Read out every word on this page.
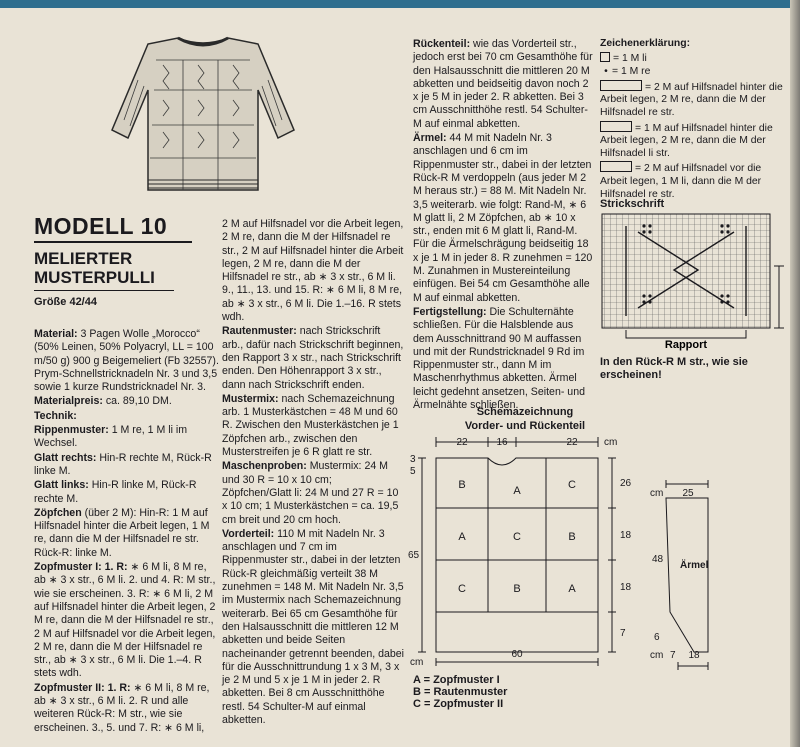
MODELL 10
MELIERTER
MUSTERPULLI
Größe 42/44

Material: 3 Pagen Wolle „Morocco“ (50% Leinen, 50% Polyacryl, LL = 100 m/50 g) 900 g Beigemeliert (Fb 32557). Prym-Schnellstricknadeln Nr. 3 und 3,5 sowie 1 kurze Rundstricknadel Nr. 3.

Materialpreis: ca. 89,10 DM.

Technik:

Rippenmuster: 1 M re, 1 M li im Wechsel.

Glatt rechts: Hin-R rechte M, Rück-R linke M.

Glatt links: Hin-R linke M, Rück-R rechte M.

Zöpfchen (über 2 M): Hin-R: 1 M auf Hilfsnadel hinter die Arbeit legen, 1 M re, dann die M der Hilfsnadel re str. Rück-R: linke M.

Zopfmuster I: 1. R: ∗ 6 M li, 8 M re, ab ∗ 3 x str., 6 M li. 2. und 4. R: M str., wie sie erscheinen. 3. R: ∗ 6 M li, 2 M auf Hilfsnadel hinter die Arbeit legen, 2 M re, dann die M der Hilfsnadel re str., 2 M auf Hilfsnadel vor die Arbeit legen, 2 M re, dann die M der Hilfsnadel re str., ab ∗ 3 x str., 6 M li. Die 1.–4. R stets wdh.

Zopfmuster II: 1. R: ∗ 6 M li, 8 M re, ab ∗ 3 x str., 6 M li. 2. R und alle weiteren Rück-R: M str., wie sie erscheinen. 3., 5. und 7. R: ∗ 6 M li,

2 M auf Hilfsnadel vor die Arbeit legen, 2 M re, dann die M der Hilfsnadel re str., 2 M auf Hilfsnadel hinter die Arbeit legen, 2 M re, dann die M der Hilfsnadel re str., ab ∗ 3 x str., 6 M li. 9., 11., 13. und 15. R: ∗ 6 M li, 8 M re, ab ∗ 3 x str., 6 M li. Die 1.–16. R stets wdh.

Rautenmuster: nach Strickschrift arb., dafür nach Strickschrift beginnen, den Rapport 3 x str., nach Strickschrift enden. Den Höhenrapport 3 x str., dann nach Strickschrift enden.

Mustermix: nach Schemazeichnung arb. 1 Musterkästchen = 48 M und 60 R. Zwischen den Musterkästchen je 1 Zöpfchen arb., zwischen den Musterstreifen je 6 R glatt re str.

Maschenproben: Mustermix: 24 M und 30 R = 10 x 10 cm; Zöpfchen/Glatt li: 24 M und 27 R = 10 x 10 cm; 1 Musterkästchen = ca. 19,5 cm breit und 20 cm hoch.

Vorderteil: 110 M mit Nadeln Nr. 3 anschlagen und 7 cm im Rippenmuster str., dabei in der letzten Rück-R gleichmäßig verteilt 38 M zunehmen = 148 M. Mit Nadeln Nr. 3,5 im Mustermix nach Schemazeichnung weiterarb. Bei 65 cm Gesamthöhe für den Halsausschnitt die mittleren 12 M abketten und beide Seiten nacheinander getrennt beenden, dabei für die Ausschnittrundung 1 x 3 M, 3 x je 2 M und 5 x je 1 M in jeder 2. R abketten. Bei 8 cm Ausschnitthöhe restl. 54 Schulter-M auf einmal abketten.

Rückenteil: wie das Vorderteil str., jedoch erst bei 70 cm Gesamthöhe für den Halsausschnitt die mittleren 20 M abketten und beidseitig davon noch 2 x je 5 M in jeder 2. R abketten. Bei 3 cm Ausschnitthöhe restl. 54 Schulter-M auf einmal abketten.

Ärmel: 44 M mit Nadeln Nr. 3 anschlagen und 6 cm im Rippenmuster str., dabei in der letzten Rück-R M verdoppeln (aus jeder M 2 M heraus str.) = 88 M. Mit Nadeln Nr. 3,5 weiterarb. wie folgt: Rand-M, ∗ 6 M glatt li, 2 M Zöpfchen, ab ∗ 10 x str., enden mit 6 M glatt li, Rand-M. Für die Ärmelschrägung beidseitig 18 x je 1 M in jeder 8. R zunehmen = 120 M. Zunahmen in Mustereinteilung einfügen. Bei 54 cm Gesamthöhe alle M auf einmal abketten.

Fertigstellung: Die Schulternähte schließen. Für die Halsblende aus dem Ausschnittrand 90 M auffassen und mit der Rundstricknadel 9 Rd im Rippenmuster str., dann M im Maschenrhythmus abketten. Ärmel leicht gedehnt ansetzen, Seiten- und Ärmelnähte schließen.

Zeichenerklärung:

= 1 M li

• = 1 M re

= 2 M auf Hilfsnadel hinter die Arbeit legen, 2 M re, dann die M der Hilfsnadel re str.

= 1 M auf Hilfsnadel hinter die Arbeit legen, 2 M re, dann die M der Hilfsnadel li str.

= 2 M auf Hilfsnadel vor die Arbeit legen, 1 M li, dann die M der Hilfsnadel re str.

Strickschrift
Rapport
In den Rück-R M str., wie sie erscheinen!
Schemazeichnung
Vorder- und Rückenteil
22	16	22	cm
3
5
65
26
18
18
7
cm
60
cm 25
48
6
cm 7 18
Ärmel
B	A	C
A	C	B
C	B	A
A = Zopfmuster I
B = Rautenmuster
C = Zopfmuster II
